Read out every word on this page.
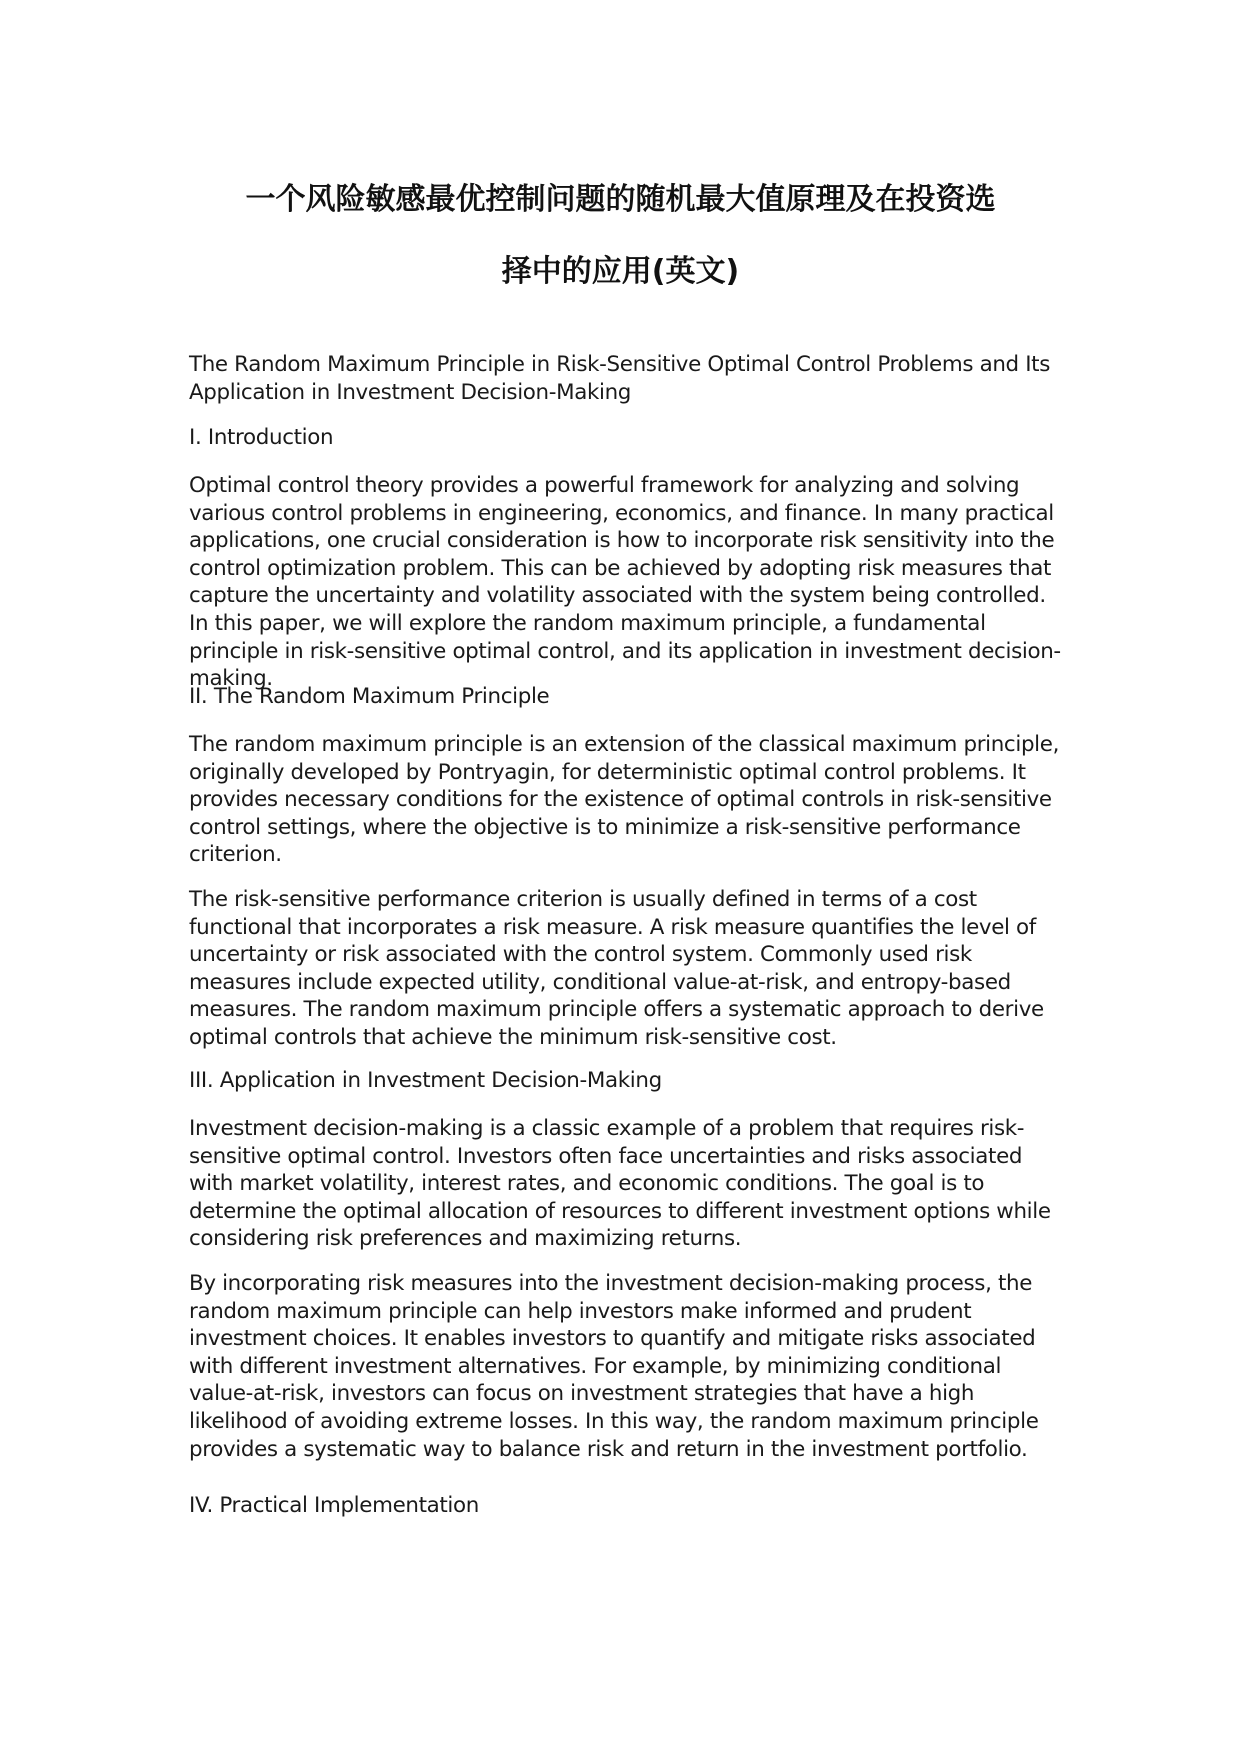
一个风险敏感最优控制问题的随机最大值原理及在投资选
择中的应用(英文)

The Random Maximum Principle in Risk-Sensitive Optimal Control Problems and Its Application in Investment Decision-Making

I. Introduction

Optimal control theory provides a powerful framework for analyzing and solving various control problems in engineering, economics, and finance. In many practical applications, one crucial consideration is how to incorporate risk sensitivity into the control optimization problem. This can be achieved by adopting risk measures that capture the uncertainty and volatility associated with the system being controlled. In this paper, we will explore the random maximum principle, a fundamental principle in risk-sensitive optimal control, and its application in investment decision-making.

II. The Random Maximum Principle

The random maximum principle is an extension of the classical maximum principle, originally developed by Pontryagin, for deterministic optimal control problems. It provides necessary conditions for the existence of optimal controls in risk-sensitive control settings, where the objective is to minimize a risk-sensitive performance criterion.

The risk-sensitive performance criterion is usually defined in terms of a cost functional that incorporates a risk measure. A risk measure quantifies the level of uncertainty or risk associated with the control system. Commonly used risk measures include expected utility, conditional value-at-risk, and entropy-based measures. The random maximum principle offers a systematic approach to derive optimal controls that achieve the minimum risk-sensitive cost.

III. Application in Investment Decision-Making

Investment decision-making is a classic example of a problem that requires risk-sensitive optimal control. Investors often face uncertainties and risks associated with market volatility, interest rates, and economic conditions. The goal is to determine the optimal allocation of resources to different investment options while considering risk preferences and maximizing returns.

By incorporating risk measures into the investment decision-making process, the random maximum principle can help investors make informed and prudent investment choices. It enables investors to quantify and mitigate risks associated with different investment alternatives. For example, by minimizing conditional value-at-risk, investors can focus on investment strategies that have a high likelihood of avoiding extreme losses. In this way, the random maximum principle provides a systematic way to balance risk and return in the investment portfolio.

IV. Practical Implementation
